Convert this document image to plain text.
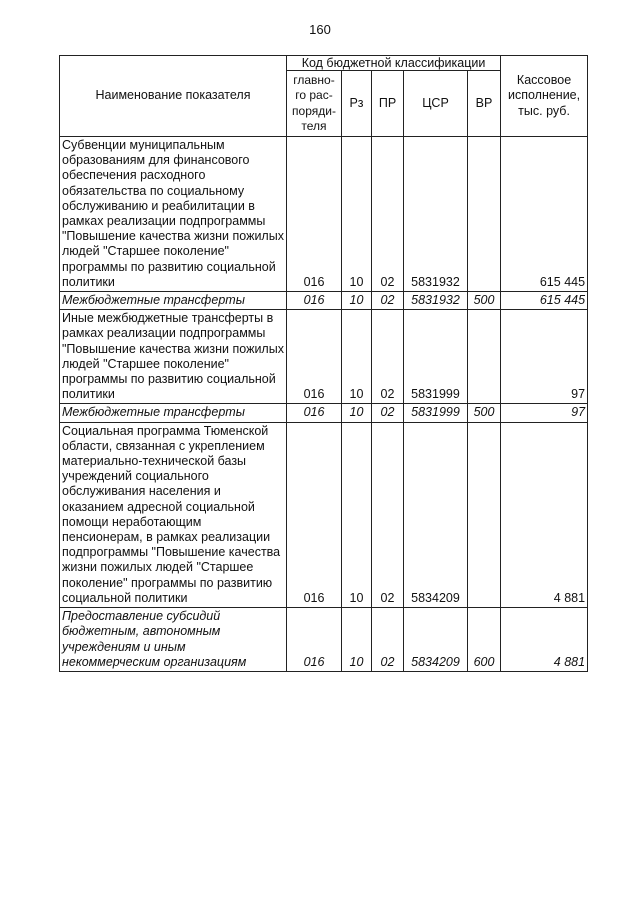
160
Наименование показателя	Код бюджетной классификации					Кассовое исполнение, тыс. руб.
	главно-го рас-поряди-теля	Рз	ПР	ЦСР	ВР	
Субвенции муниципальным образованиям для финансового обеспечения расходного обязательства по социальному обслуживанию и реабилитации в рамках реализации подпрограммы "Повышение качества жизни пожилых людей "Старшее поколение" программы по развитию социальной политики	016	10	02	5831932		615 445
Межбюджетные трансферты	016	10	02	5831932	500	615 445
Иные межбюджетные трансферты в рамках реализации подпрограммы "Повышение качества жизни пожилых людей "Старшее поколение" программы по развитию социальной политики	016	10	02	5831999		97
Межбюджетные трансферты	016	10	02	5831999	500	97
Социальная программа Тюменской области, связанная с укреплением материально-технической базы учреждений социального обслуживания населения и оказанием адресной социальной помощи неработающим пенсионерам, в рамках реализации подпрограммы "Повышение качества жизни пожилых людей "Старшее поколение" программы по развитию социальной политики	016	10	02	5834209		4 881
Предоставление субсидий бюджетным, автономным учреждениям и иным некоммерческим организациям	016	10	02	5834209	600	4 881
